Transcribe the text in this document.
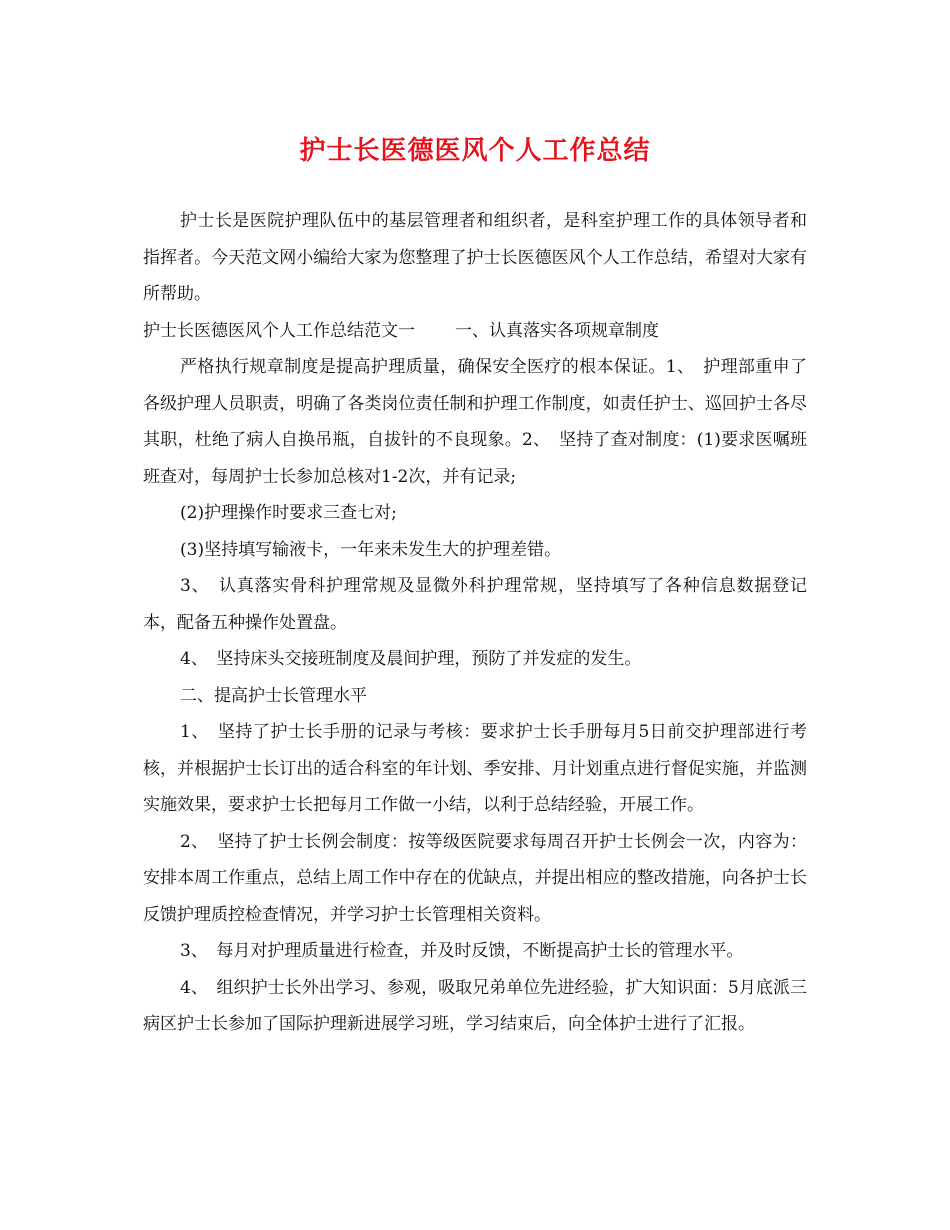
护士长医德医风个人工作总结

护士长是医院护理队伍中的基层管理者和组织者，是科室护理工作的具体领导者和指挥者。今天范文网小编给大家为您整理了护士长医德医风个人工作总结，希望对大家有所帮助。

护士长医德医风个人工作总结范文一 一、认真落实各项规章制度

严格执行规章制度是提高护理质量，确保安全医疗的根本保证。1、　护理部重申了各级护理人员职责，明确了各类岗位责任制和护理工作制度，如责任护士、巡回护士各尽其职，杜绝了病人自换吊瓶，自拔针的不良现象。2、　坚持了查对制度：(1)要求医嘱班班查对，每周护士长参加总核对1-2次，并有记录;

(2)护理操作时要求三查七对;

(3)坚持填写输液卡，一年来未发生大的护理差错。

3、　认真落实骨科护理常规及显微外科护理常规，坚持填写了各种信息数据登记本，配备五种操作处置盘。

4、　坚持床头交接班制度及晨间护理，预防了并发症的发生。

二、提高护士长管理水平

1、　坚持了护士长手册的记录与考核：要求护士长手册每月5日前交护理部进行考核，并根据护士长订出的适合科室的年计划、季安排、月计划重点进行督促实施，并监测实施效果，要求护士长把每月工作做一小结，以利于总结经验，开展工作。

2、　坚持了护士长例会制度：按等级医院要求每周召开护士长例会一次，内容为：安排本周工作重点，总结上周工作中存在的优缺点，并提出相应的整改措施，向各护士长反馈护理质控检查情况，并学习护士长管理相关资料。

3、　每月对护理质量进行检查，并及时反馈，不断提高护士长的管理水平。

4、　组织护士长外出学习、参观，吸取兄弟单位先进经验，扩大知识面：5月底派三病区护士长参加了国际护理新进展学习班，学习结束后，向全体护士进行了汇报。
